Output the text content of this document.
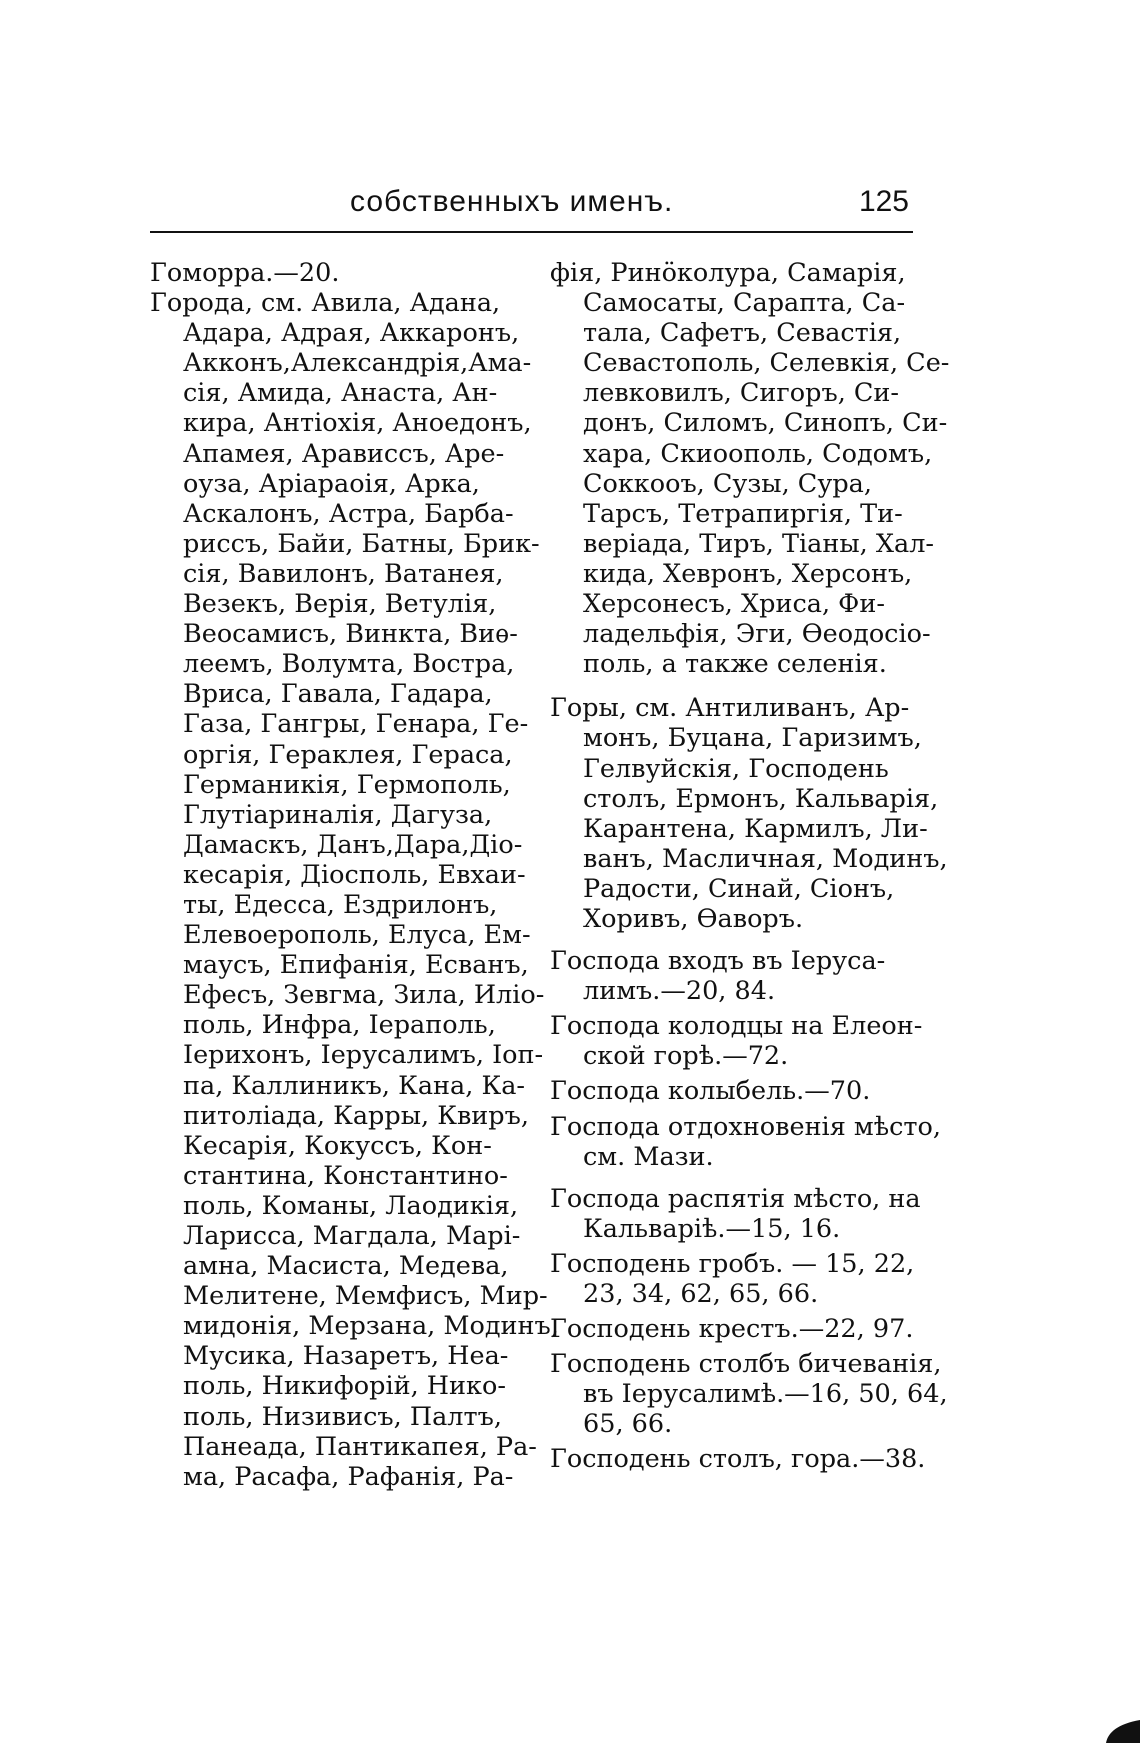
собственныхъ именъ.	125
Гоморра.—20.
Города, см. Авила, Адана,
Адара, Адрая, Аккаронъ,
Акконъ,Александрія,Ама-
сія, Амида, Анаста, Ан-
кира, Антіохія, Аноедонъ,
Апамея, Арависсъ, Аре-
оуза, Аріараоія, Арка,
Аскалонъ, Астра, Барба-
риссъ, Байи, Батны, Брик-
сія, Вавилонъ, Ватанея,
Везекъ, Верія, Ветулія,
Веосамисъ, Винкта, Виѳ-
леемъ, Волумта, Востра,
Вриса, Гавала, Гадара,
Газа, Гангры, Генара, Ге-
оргія, Гераклея, Гераса,
Германикія, Гермополь,
Глутіариналія, Дагуза,
Дамаскъ, Данъ,Дара,Діо-
кесарія, Діосполь, Евхаи-
ты, Едесса, Ездрилонъ,
Елевоерополь, Елуса, Ем-
маусъ, Епифанія, Есванъ,
Ефесъ, Зевгма, Зила, Иліо-
поль, Инфра, Іераполь,
Іерихонъ, Іерусалимъ, Іоп-
па, Каллиникъ, Кана, Ка-
питоліада, Карры, Квиръ,
Кесарія, Кокуссъ, Кон-
стантина, Константино-
поль, Команы, Лаодикія,
Ларисса, Магдала, Марі-
амна, Масиста, Медева,
Мелитене, Мемфисъ, Мир-
мидонія, Мерзана, Модинъ,
Мусика, Назаретъ, Неа-
поль, Никифорій, Нико-
поль, Низивисъ, Палтъ,
Панеада, Пантикапея, Ра-
ма, Расафа, Рафанія, Ра-
фія, Ринӧколура, Самарія,
Самосаты, Сарапта, Са-
тала, Сафетъ, Севастія,
Севастополь, Селевкія, Се-
левковилъ, Сигоръ, Си-
донъ, Силомъ, Синопъ, Си-
хара, Скиоополь, Содомъ,
Соккооъ, Сузы, Сура,
Тарсъ, Тетрапиргія, Ти-
веріада, Тиръ, Тіаны, Хал-
кида, Хевронъ, Херсонъ,
Херсонесъ, Хриса, Фи-
ладельфія, Эги, Ѳеодосіо-
поль, а также селенія.
Горы, см. Антиливанъ, Ар-
монъ, Буцана, Гаризимъ,
Гелвуйскія, Господень
столъ, Ермонъ, Кальварія,
Карантена, Кармилъ, Ли-
ванъ, Масличная, Модинъ,
Радости, Синай, Сіонъ,
Хоривъ, Ѳаворъ.
Господа входъ въ Іеруса-
лимъ.—20, 84.
Господа колодцы на Елеон-
ской горѣ.—72.
Господа колыбель.—70.
Господа отдохновенія мѣсто,
см. Мази.
Господа распятія мѣсто, на
Кальваріѣ.—15, 16.
Господень гробъ. — 15, 22,
23, 34, 62, 65, 66.
Господень крестъ.—22, 97.
Господень столбъ бичеванія,
въ Іерусалимѣ.—16, 50, 64,
65, 66.
Господень столъ, гора.—38.
